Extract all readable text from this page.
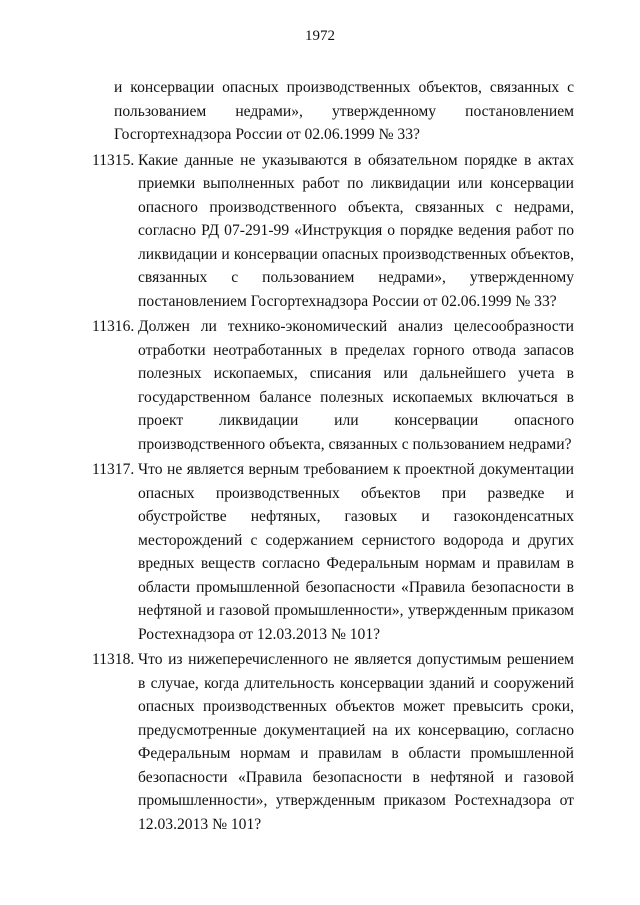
1972
и консервации опасных производственных объектов, связанных с пользованием недрами», утвержденному постановлением Госгортехнадзора России от 02.06.1999 № 33?
11315. Какие данные не указываются в обязательном порядке в актах приемки выполненных работ по ликвидации или консервации опасного производственного объекта, связанных с недрами, согласно РД 07-291-99 «Инструкция о порядке ведения работ по ликвидации и консервации опасных производственных объектов, связанных с пользованием недрами», утвержденному постановлением Госгортехнадзора России от 02.06.1999 № 33?
11316. Должен ли технико-экономический анализ целесообразности отработки неотработанных в пределах горного отвода запасов полезных ископаемых, списания или дальнейшего учета в государственном балансе полезных ископаемых включаться в проект ликвидации или консервации опасного производственного объекта, связанных с пользованием недрами?
11317. Что не является верным требованием к проектной документации опасных производственных объектов при разведке и обустройстве нефтяных, газовых и газоконденсатных месторождений с содержанием сернистого водорода и других вредных веществ согласно Федеральным нормам и правилам в области промышленной безопасности «Правила безопасности в нефтяной и газовой промышленности», утвержденным приказом Ростехнадзора от 12.03.2013 № 101?
11318. Что из нижеперечисленного не является допустимым решением в случае, когда длительность консервации зданий и сооружений опасных производственных объектов может превысить сроки, предусмотренные документацией на их консервацию, согласно Федеральным нормам и правилам в области промышленной безопасности «Правила безопасности в нефтяной и газовой промышленности», утвержденным приказом Ростехнадзора от 12.03.2013 № 101?
